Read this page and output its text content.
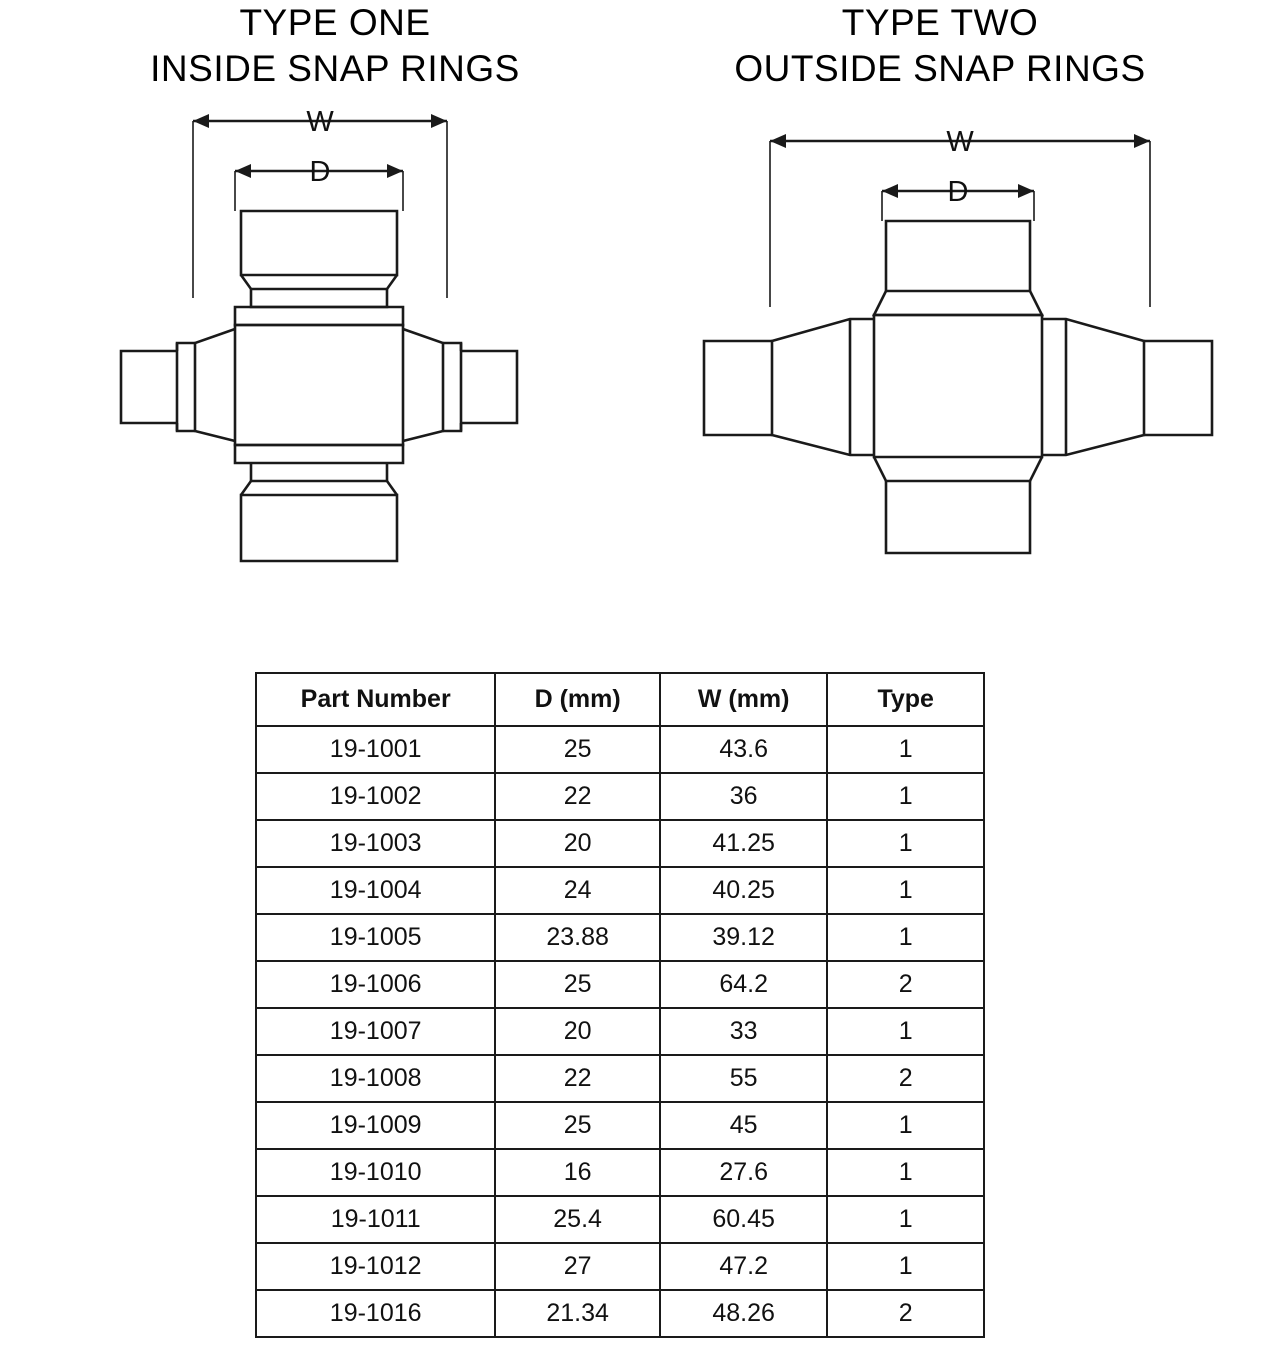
TYPE ONE
INSIDE SNAP RINGS
W
D
TYPE TWO
OUTSIDE SNAP RINGS
W
D
Part Number	D (mm)	W (mm)	Type
19-1001	25	43.6	1
19-1002	22	36	1
19-1003	20	41.25	1
19-1004	24	40.25	1
19-1005	23.88	39.12	1
19-1006	25	64.2	2
19-1007	20	33	1
19-1008	22	55	2
19-1009	25	45	1
19-1010	16	27.6	1
19-1011	25.4	60.45	1
19-1012	27	47.2	1
19-1016	21.34	48.26	2
